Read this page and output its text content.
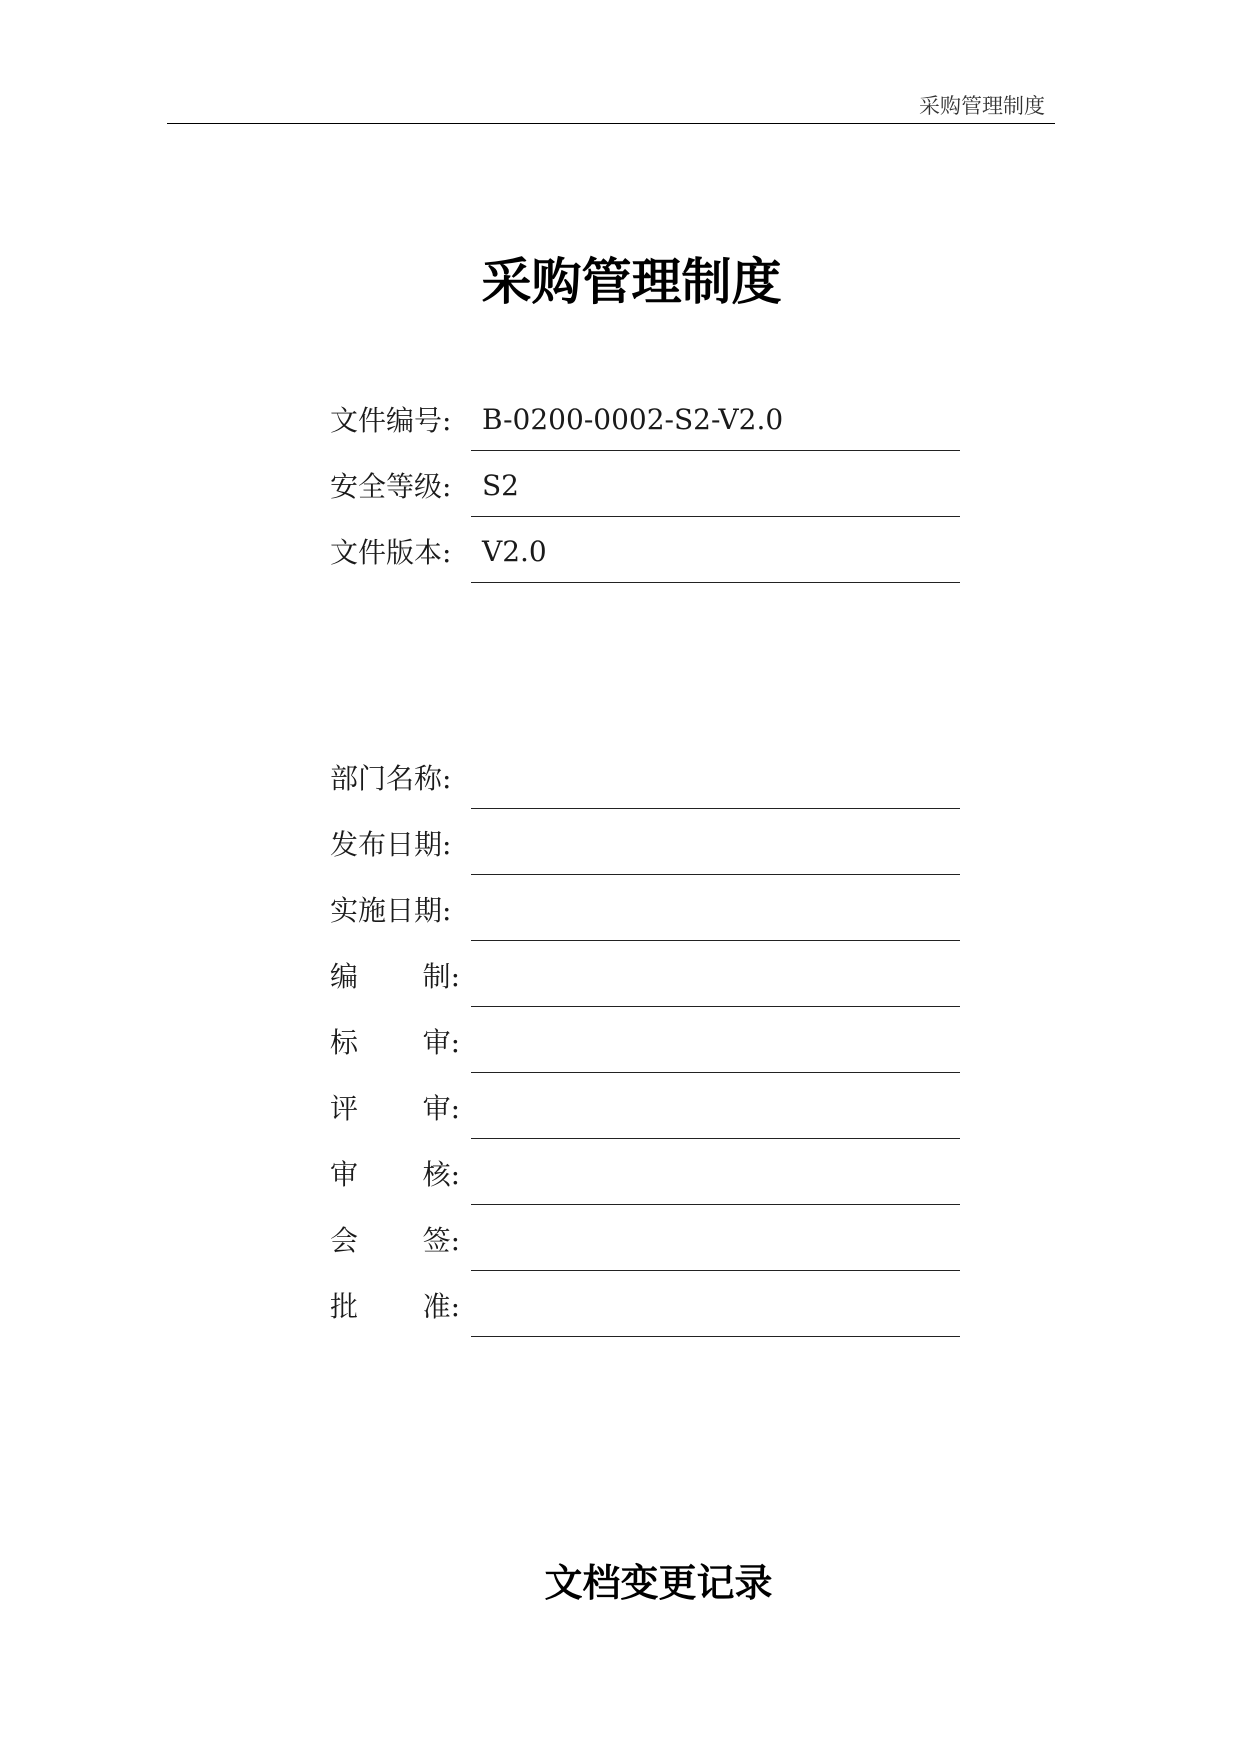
采购管理制度
采购管理制度
文件编号:	B-0200-0002-S2-V2.0
安全等级:	S2
文件版本:	V2.0
部门名称:
发布日期:
实施日期:
编 制:
标 审:
评 审:
审 核:
会 签:
批 准:
文档变更记录
